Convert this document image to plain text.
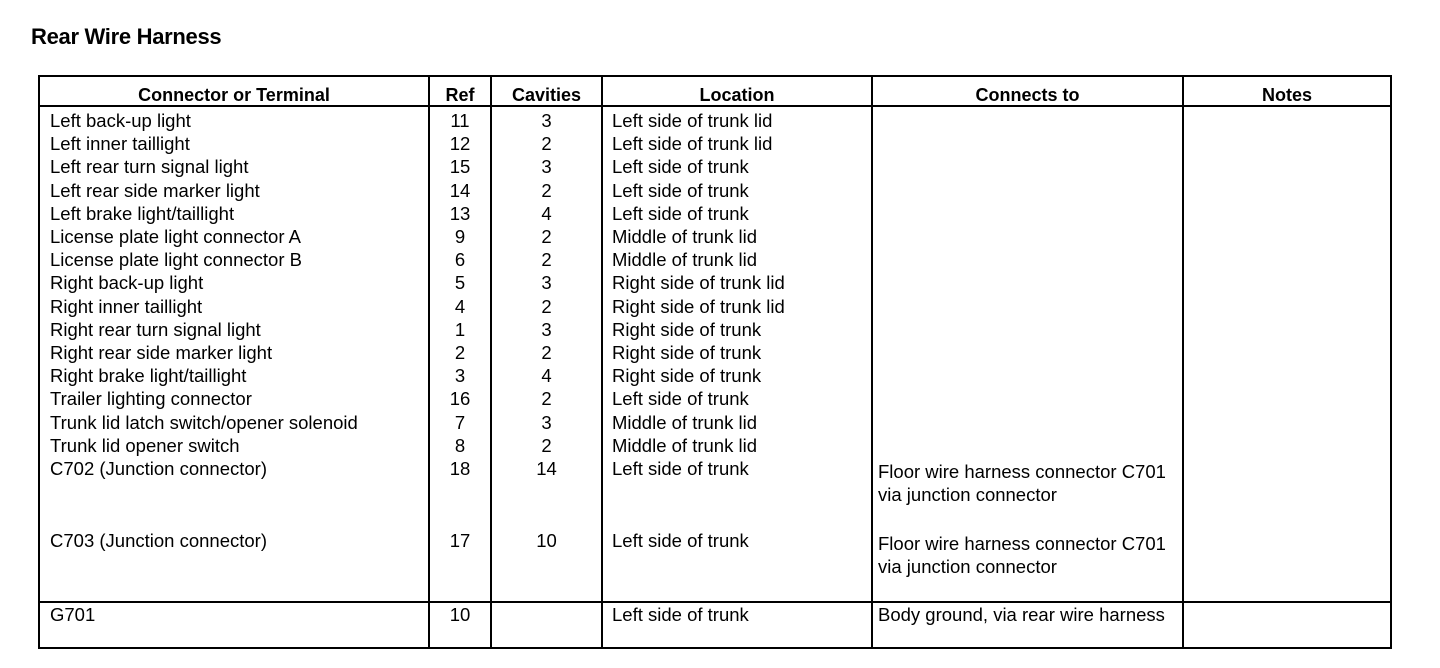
Rear Wire Harness
Connector or Terminal	Ref	Cavities	Location	Connects to	Notes
Left back-up light	11	3	Left side of trunk lid		
Left inner taillight	12	2	Left side of trunk lid		
Left rear turn signal light	15	3	Left side of trunk		
Left rear side marker light	14	2	Left side of trunk		
Left brake light/taillight	13	4	Left side of trunk		
License plate light connector A	9	2	Middle of trunk lid		
License plate light connector B	6	2	Middle of trunk lid		
Right back-up light	5	3	Right side of trunk lid		
Right inner taillight	4	2	Right side of trunk lid		
Right rear turn signal light	1	3	Right side of trunk		
Right rear side marker light	2	2	Right side of trunk		
Right brake light/taillight	3	4	Right side of trunk		
Trailer lighting connector	16	2	Left side of trunk		
Trunk lid latch switch/opener solenoid	7	3	Middle of trunk lid		
Trunk lid opener switch	8	2	Middle of trunk lid		
C702 (Junction connector)	18	14	Left side of trunk	Floor wire harness connector C701 via junction connector	
C703 (Junction connector)	17	10	Left side of trunk	Floor wire harness connector C701 via junction connector	
G701	10		Left side of trunk	Body ground, via rear wire harness	
